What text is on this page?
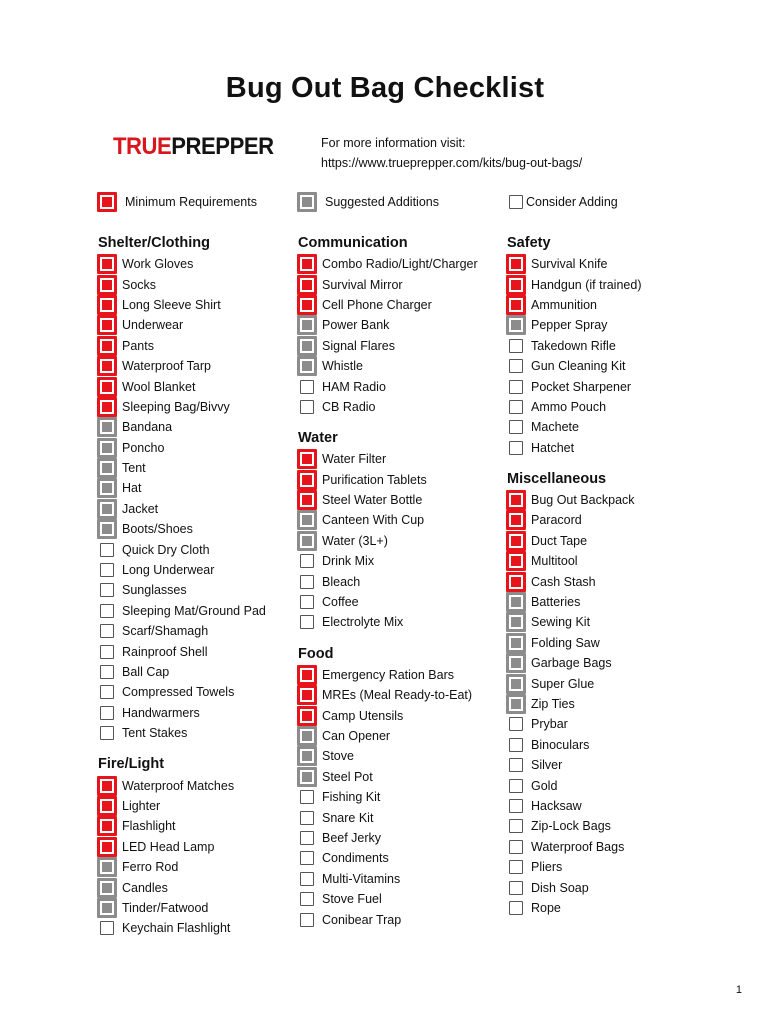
Bug Out Bag Checklist
TRUEPREPPER	For more information visit:
https://www.trueprepper.com/kits/bug-out-bags/
Minimum Requirements	Suggested Additions	Consider Adding
Shelter/Clothing
Work Gloves
Socks
Long Sleeve Shirt
Underwear
Pants
Waterproof Tarp
Wool Blanket
Sleeping Bag/Bivvy
Bandana
Poncho
Tent
Hat
Jacket
Boots/Shoes
Quick Dry Cloth
Long Underwear
Sunglasses
Sleeping Mat/Ground Pad
Scarf/Shamagh
Rainproof Shell
Ball Cap
Compressed Towels
Handwarmers
Tent Stakes
Fire/Light
Waterproof Matches
Lighter
Flashlight
LED Head Lamp
Ferro Rod
Candles
Tinder/Fatwood
Keychain Flashlight
Communication
Combo Radio/Light/Charger
Survival Mirror
Cell Phone Charger
Power Bank
Signal Flares
Whistle
HAM Radio
CB Radio
Water
Water Filter
Purification Tablets
Steel Water Bottle
Canteen With Cup
Water (3L+)
Drink Mix
Bleach
Coffee
Electrolyte Mix
Food
Emergency Ration Bars
MREs (Meal Ready-to-Eat)
Camp Utensils
Can Opener
Stove
Steel Pot
Fishing Kit
Snare Kit
Beef Jerky
Condiments
Multi-Vitamins
Stove Fuel
Conibear Trap
Safety
Survival Knife
Handgun (if trained)
Ammunition
Pepper Spray
Takedown Rifle
Gun Cleaning Kit
Pocket Sharpener
Ammo Pouch
Machete
Hatchet
Miscellaneous
Bug Out Backpack
Paracord
Duct Tape
Multitool
Cash Stash
Batteries
Sewing Kit
Folding Saw
Garbage Bags
Super Glue
Zip Ties
Prybar
Binoculars
Silver
Gold
Hacksaw
Zip-Lock Bags
Waterproof Bags
Pliers
Dish Soap
Rope
1
